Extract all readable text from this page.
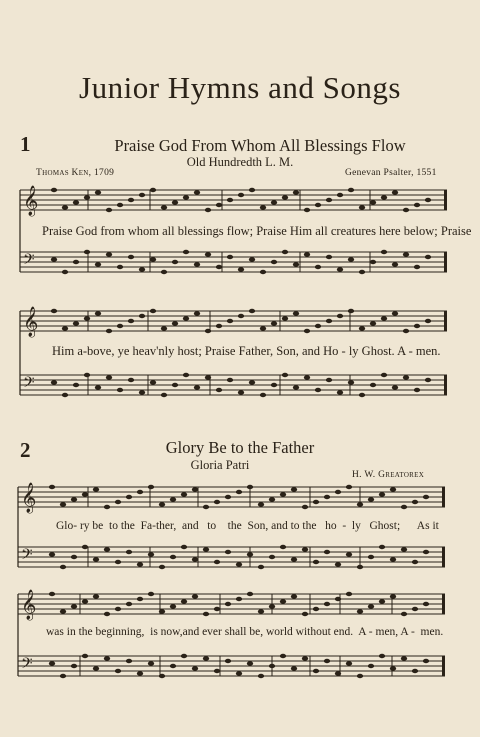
Junior Hymns and Songs
1	Praise God From Whom All Blessings Flow
Old Hundredth L. M.
Thomas Ken, 1709	Genevan Psalter, 1551
2	Glory Be to the Father
Gloria Patri
H. W. Greatorex
𝄞
𝄢
𝄞
𝄢
𝄞
𝄢
𝄞
𝄢
Praise God from whom all blessings flow; Praise Him all creatures here below; Praise
Him a-bove, ye heav'nly host; Praise Father, Son, and Ho - ly Ghost. A - men.
Glo- ry be  to the  Fa-ther,  and   to    the  Son, and to the   ho  -  ly   Ghost;      As it
was in the beginning,  is now,and ever shall be, world without end.  A - men, A -  men.
